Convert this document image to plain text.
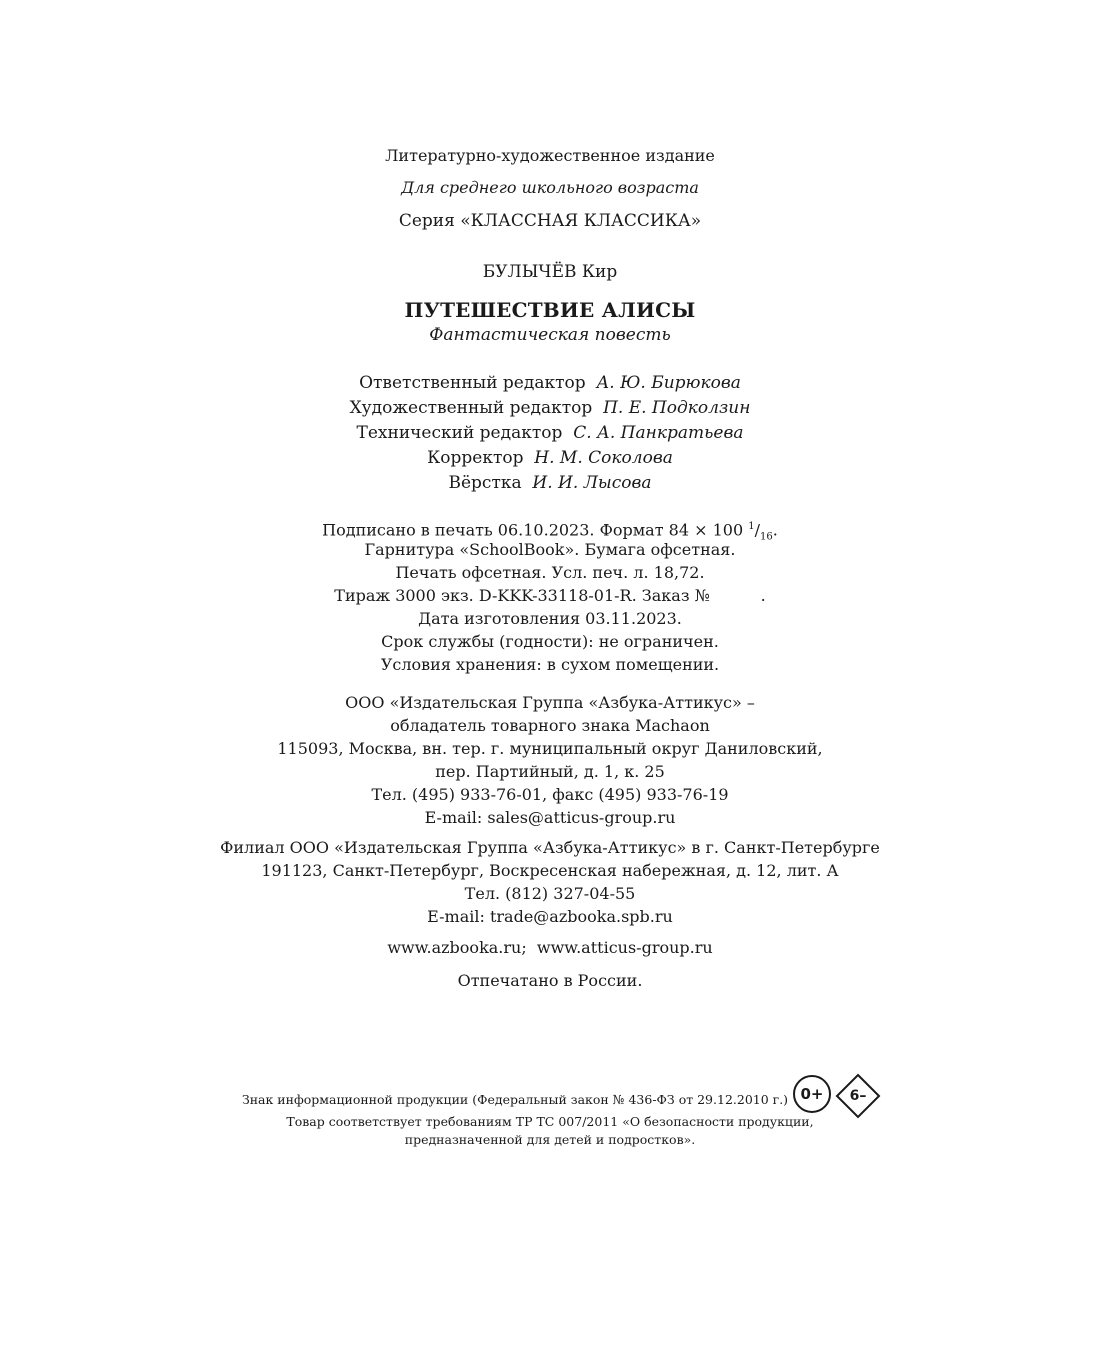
Литературно-художественное издание
Для среднего школьного возраста
Серия «КЛАССНАЯ КЛАССИКА»
БУЛЫЧЁВ Кир
ПУТЕШЕСТВИЕ АЛИСЫ
Фантастическая повесть
Ответственный редактор А. Ю. Бирюкова
Художественный редактор П. Е. Подколзин
Технический редактор С. А. Панкратьева
Корректор Н. М. Соколова
Вёрстка И. И. Лысова
Подписано в печать 06.10.2023. Формат 84 × 100 $^1/_{16}$.
Гарнитура «SchoolBook». Бумага офсетная.
Печать офсетная. Усл. печ. л. 18,72.
Тираж 3000 экз. D-KKK-33118-01-R. Заказ №          .
Дата изготовления 03.11.2023.
Срок службы (годности): не ограничен.
Условия хранения: в сухом помещении.
ООО «Издательская Группа «Азбука-Аттикус» –
обладатель товарного знака Machaon
115093, Москва, вн. тер. г. муниципальный округ Даниловский,
пер. Партийный, д. 1, к. 25
Тел. (495) 933-76-01, факс (495) 933-76-19
E-mail: sales@atticus-group.ru
Филиал ООО «Издательская Группа «Азбука-Аттикус» в г. Санкт-Петербурге
191123, Санкт-Петербург, Воскресенская набережная, д. 12, лит. А
Тел. (812) 327-04-55
E-mail: trade@azbooka.spb.ru
www.azbooka.ru;  www.atticus-group.ru
Отпечатано в России.
Знак информационной продукции (Федеральный закон № 436-ФЗ от 29.12.2010 г.)
Товар соответствует требованиям ТР ТС 007/2011 «О безопасности продукции,
предназначенной для детей и подростков».
0+	6–
